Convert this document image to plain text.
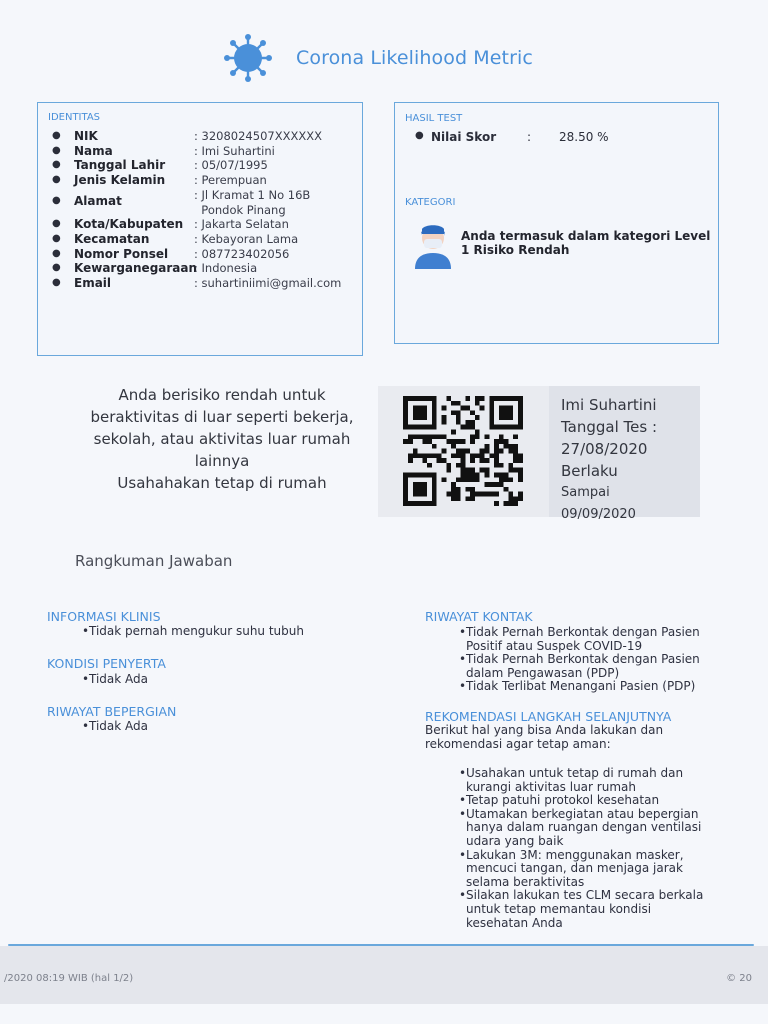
Corona Likelihood Metric
IDENTITAS
●	NIK	: 3208024507XXXXXX
●	Nama	: Imi Suhartini
●	Tanggal Lahir	: 05/07/1995
●	Jenis Kelamin	: Perempuan
●	Alamat	: Jl Kramat 1 No 16B
Pondok Pinang
●	Kota/Kabupaten : Jakarta Selatan
●	Kecamatan	: Kebayoran Lama
●	Nomor Ponsel	: 087723402056
●	Kewarganegaraan
: Indonesia
●	Email	: suhartiniimi@gmail.com
HASIL TEST
● Nilai Skor	:	28.50 %
KATEGORI
Anda termasuk dalam kategori Level 1 Risiko Rendah
Anda berisiko rendah untuk
beraktivitas di luar seperti bekerja,
sekolah, atau aktivitas luar rumah
lainnya
Usahahakan tetap di rumah
Imi Suhartini
Tanggal Tes :
27/08/2020
Berlaku
Sampai 09/09/2020
Rangkuman Jawaban
INFORMASI KLINIS
• Tidak pernah mengukur suhu tubuh
KONDISI PENYERTA
• Tidak Ada
RIWAYAT BEPERGIAN
• Tidak Ada
RIWAYAT KONTAK
• Tidak Pernah Berkontak dengan Pasien Positif atau Suspek COVID-19
• Tidak Pernah Berkontak dengan Pasien dalam Pengawasan (PDP)
• Tidak Terlibat Menangani Pasien (PDP)
REKOMENDASI LANGKAH SELANJUTNYA
Berikut hal yang bisa Anda lakukan dan rekomendasi agar tetap aman:
• Usahakan untuk tetap di rumah dan kurangi aktivitas luar rumah
• Tetap patuhi protokol kesehatan
• Utamakan berkegiatan atau bepergian hanya dalam ruangan dengan ventilasi udara yang baik
• Lakukan 3M: menggunakan masker, mencuci tangan, dan menjaga jarak selama beraktivitas
• Silakan lakukan tes CLM secara berkala untuk tetap memantau kondisi kesehatan Anda
/2020 08:19 WIB (hal 1/2)	© 20
